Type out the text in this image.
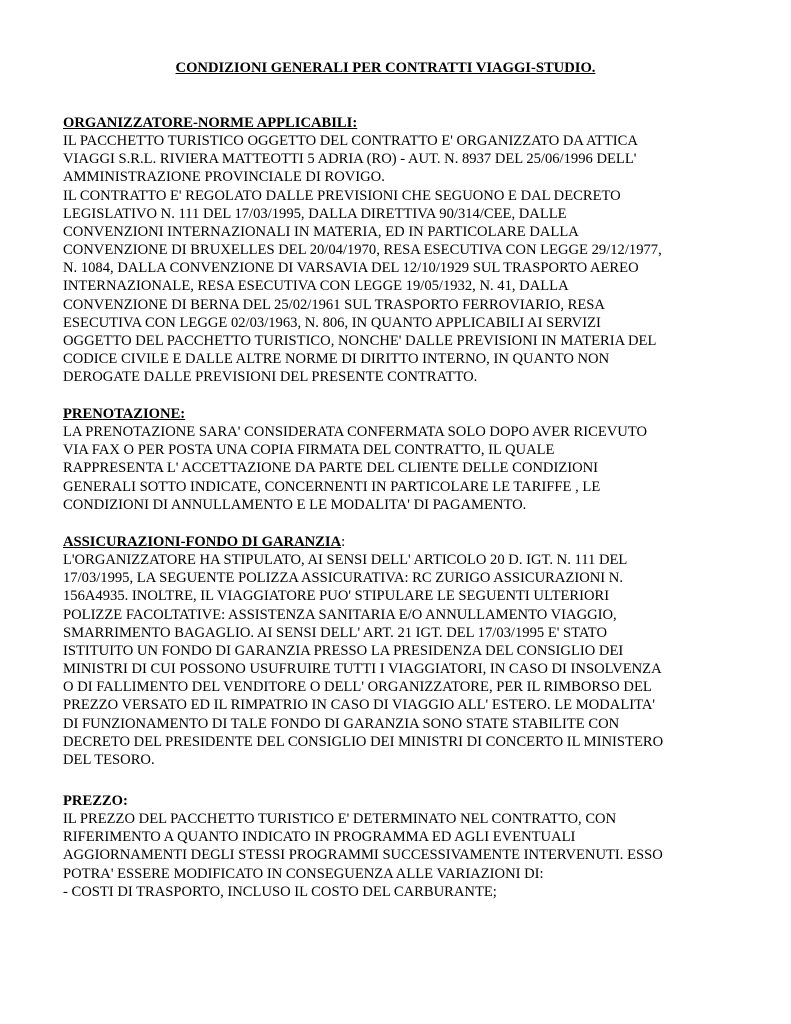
CONDIZIONI GENERALI PER CONTRATTI VIAGGI-STUDIO.
ORGANIZZATORE-NORME APPLICABILI:
IL PACCHETTO TURISTICO OGGETTO DEL CONTRATTO E' ORGANIZZATO DA ATTICA
VIAGGI S.R.L. RIVIERA MATTEOTTI 5 ADRIA (RO) - AUT. N. 8937 DEL 25/06/1996 DELL'
AMMINISTRAZIONE PROVINCIALE DI ROVIGO.
IL CONTRATTO E' REGOLATO DALLE PREVISIONI CHE SEGUONO E DAL DECRETO
LEGISLATIVO N. 111 DEL 17/03/1995, DALLA DIRETTIVA 90/314/CEE, DALLE
CONVENZIONI INTERNAZIONALI IN MATERIA, ED IN PARTICOLARE DALLA
CONVENZIONE DI BRUXELLES DEL 20/04/1970, RESA ESECUTIVA CON LEGGE 29/12/1977,
N. 1084, DALLA CONVENZIONE DI VARSAVIA DEL 12/10/1929 SUL TRASPORTO AEREO
INTERNAZIONALE, RESA ESECUTIVA CON LEGGE 19/05/1932, N. 41, DALLA
CONVENZIONE DI BERNA DEL 25/02/1961 SUL TRASPORTO FERROVIARIO, RESA
ESECUTIVA CON LEGGE 02/03/1963, N. 806, IN QUANTO APPLICABILI AI SERVIZI
OGGETTO DEL PACCHETTO TURISTICO, NONCHE' DALLE PREVISIONI IN MATERIA DEL
CODICE CIVILE E DALLE ALTRE NORME DI DIRITTO INTERNO, IN QUANTO NON
DEROGATE DALLE PREVISIONI DEL PRESENTE CONTRATTO.
PRENOTAZIONE:
LA PRENOTAZIONE SARA' CONSIDERATA CONFERMATA SOLO DOPO AVER RICEVUTO
VIA FAX O PER POSTA UNA COPIA FIRMATA DEL CONTRATTO, IL QUALE
RAPPRESENTA L' ACCETTAZIONE DA PARTE DEL CLIENTE DELLE CONDIZIONI
GENERALI SOTTO INDICATE, CONCERNENTI IN PARTICOLARE LE TARIFFE , LE
CONDIZIONI DI ANNULLAMENTO E LE MODALITA' DI PAGAMENTO.
ASSICURAZIONI-FONDO DI GARANZIA:
L'ORGANIZZATORE HA STIPULATO, AI SENSI DELL' ARTICOLO 20 D. IGT. N. 111 DEL
17/03/1995, LA SEGUENTE POLIZZA ASSICURATIVA: RC ZURIGO ASSICURAZIONI N.
156A4935. INOLTRE, IL VIAGGIATORE PUO' STIPULARE LE SEGUENTI ULTERIORI
POLIZZE FACOLTATIVE: ASSISTENZA SANITARIA E/O ANNULLAMENTO VIAGGIO,
SMARRIMENTO BAGAGLIO. AI SENSI DELL' ART. 21 IGT. DEL 17/03/1995 E' STATO
ISTITUITO UN FONDO DI GARANZIA PRESSO LA PRESIDENZA DEL CONSIGLIO DEI
MINISTRI DI CUI POSSONO USUFRUIRE TUTTI I VIAGGIATORI, IN CASO DI INSOLVENZA
O DI FALLIMENTO DEL VENDITORE O DELL' ORGANIZZATORE, PER IL RIMBORSO DEL
PREZZO VERSATO ED IL RIMPATRIO IN CASO DI VIAGGIO ALL' ESTERO. LE MODALITA'
DI FUNZIONAMENTO DI TALE FONDO DI GARANZIA SONO STATE STABILITE CON
DECRETO DEL PRESIDENTE DEL CONSIGLIO DEI MINISTRI DI CONCERTO IL MINISTERO
DEL TESORO.
PREZZO:
IL PREZZO DEL PACCHETTO TURISTICO E' DETERMINATO NEL CONTRATTO, CON
RIFERIMENTO A QUANTO INDICATO IN PROGRAMMA ED AGLI EVENTUALI
AGGIORNAMENTI DEGLI STESSI PROGRAMMI SUCCESSIVAMENTE INTERVENUTI. ESSO
POTRA' ESSERE MODIFICATO IN CONSEGUENZA ALLE VARIAZIONI DI:
- COSTI DI TRASPORTO, INCLUSO IL COSTO DEL CARBURANTE;
